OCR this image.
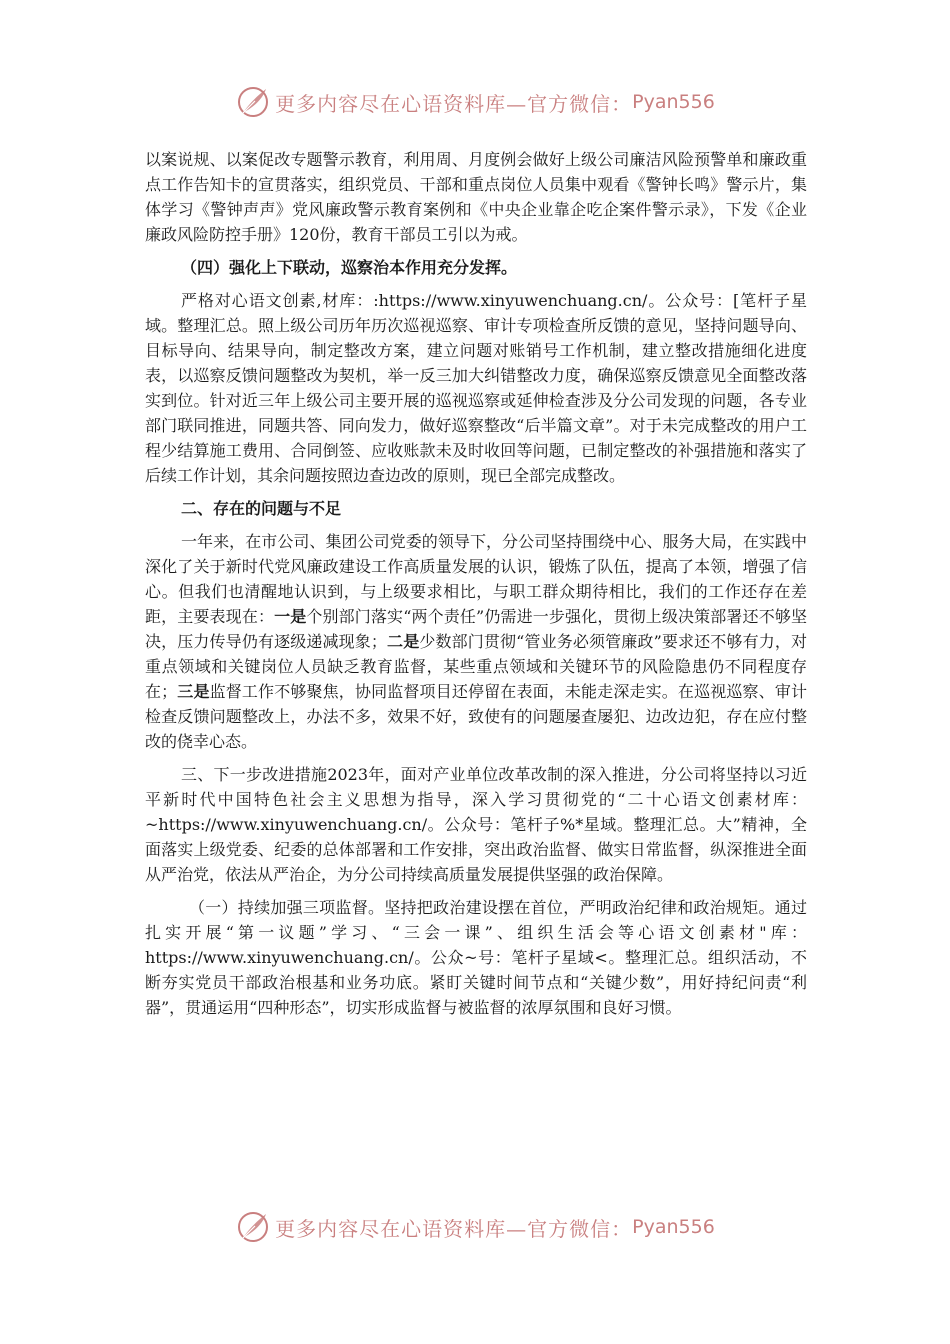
更多内容尽在心语资料库—官方微信： Pyan556

以案说规、以案促改专题警示教育，利用周、月度例会做好上级公司廉洁风险预警单和廉政重点工作告知卡的宣贯落实，组织党员、干部和重点岗位人员集中观看《警钟长鸣》警示片，集体学习《警钟声声》党风廉政警示教育案例和《中央企业靠企吃企案件警示录》，下发《企业廉政风险防控手册》120份，教育干部员工引以为戒。

（四）强化上下联动，巡察治本作用充分发挥。

严格对心语文创素,材库：:https://www.xinyuwenchuang.cn/。公众号：[笔杆子星域。整理汇总。照上级公司历年历次巡视巡察、审计专项检查所反馈的意见，坚持问题导向、目标导向、结果导向，制定整改方案，建立问题对账销号工作机制，建立整改措施细化进度表，以巡察反馈问题整改为契机，举一反三加大纠错整改力度，确保巡察反馈意见全面整改落实到位。针对近三年上级公司主要开展的巡视巡察或延伸检查涉及分公司发现的问题，各专业部门联同推进，同题共答、同向发力，做好巡察整改“后半篇文章”。对于未完成整改的用户工程少结算施工费用、合同倒签、应收账款未及时收回等问题，已制定整改的补强措施和落实了后续工作计划，其余问题按照边查边改的原则，现已全部完成整改。

二、存在的问题与不足

一年来，在市公司、集团公司党委的领导下，分公司坚持围绕中心、服务大局，在实践中深化了关于新时代党风廉政建设工作高质量发展的认识，锻炼了队伍，提高了本领，增强了信心。但我们也清醒地认识到，与上级要求相比，与职工群众期待相比，我们的工作还存在差距，主要表现在：一是个别部门落实“两个责任”仍需进一步强化，贯彻上级决策部署还不够坚决，压力传导仍有逐级递减现象；二是少数部门贯彻“管业务必须管廉政”要求还不够有力，对重点领域和关键岗位人员缺乏教育监督，某些重点领域和关键环节的风险隐患仍不同程度存在；三是监督工作不够聚焦，协同监督项目还停留在表面，未能走深走实。在巡视巡察、审计检查反馈问题整改上，办法不多，效果不好，致使有的问题屡查屡犯、边改边犯，存在应付整改的侥幸心态。

三、下一步改进措施2023年，面对产业单位改革改制的深入推进，分公司将坚持以习近平新时代中国特色社会主义思想为指导，深入学习贯彻党的“二十心语文创素材库：~https://www.xinyuwenchuang.cn/。公众号：笔杆子%*星域。整理汇总。大”精神，全面落实上级党委、纪委的总体部署和工作安排，突出政治监督、做实日常监督，纵深推进全面从严治党，依法从严治企，为分公司持续高质量发展提供坚强的政治保障。

（一）持续加强三项监督。坚持把政治建设摆在首位，严明政治纪律和政治规矩。通过扎实开展“第一议题”学习、“三会一课”、组织生活会等心语文创素材"库：https://www.xinyuwenchuang.cn/。公众~号：笔杆子星域<。整理汇总。组织活动，不断夯实党员干部政治根基和业务功底。紧盯关键时间节点和“关键少数”，用好持纪问责“利器”，贯通运用“四种形态”，切实形成监督与被监督的浓厚氛围和良好习惯。

更多内容尽在心语资料库—官方微信： Pyan556
